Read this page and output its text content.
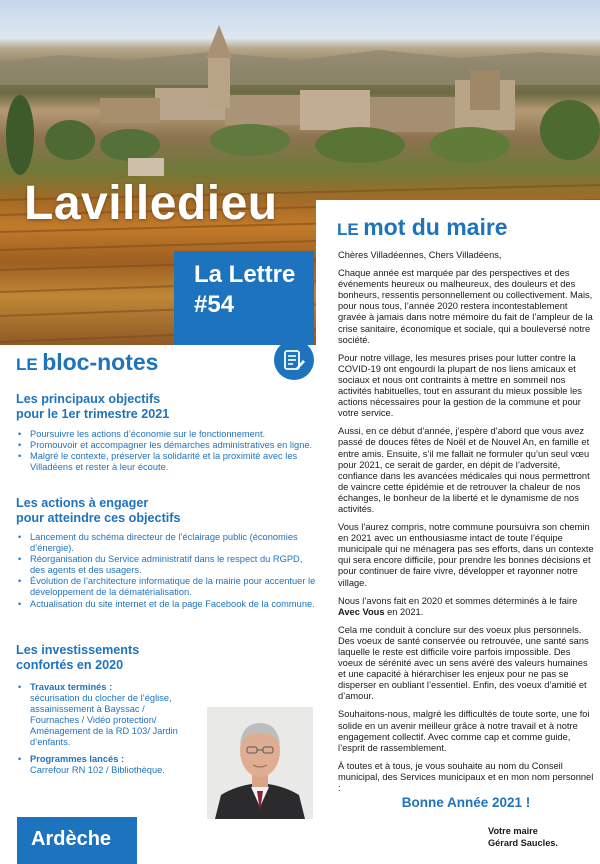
Lavilledieu
La Lettre
#54
LE mot du maire

Chères Villadéennes, Chers Villadéens,

Chaque année est marquée par des perspectives et des événements heureux ou malheureux, des douleurs et des bonheurs, ressentis personnellement ou collectivement. Mais, pour nous tous, l’année 2020 restera incontestablement gravée à jamais dans notre mémoire du fait de l’ampleur de la crise sanitaire, économique et sociale, qui a bouleversé notre société.

Pour notre village, les mesures prises pour lutter contre la COVID-19 ont engourdi la plupart de nos liens amicaux et sociaux et nous ont contraints à mettre en sommeil nos activités habituelles, tout en assurant du mieux possible les actions nécessaires pour la gestion de la commune et pour votre service.

Aussi, en ce début d’année, j’espère d’abord que vous avez passé de douces fêtes de Noël et de Nouvel An, en famille et entre amis. Ensuite, s’il me fallait ne formuler qu’un seul vœu pour 2021, ce serait de garder, en dépit de l’adversité, confiance dans les avancées médicales qui nous permettront de vaincre cette épidémie et de retrouver la chaleur de nos échanges, le bonheur de la liberté et le dynamisme de nos activités.

Vous l’aurez compris, notre commune poursuivra son chemin en 2021 avec un enthousiasme intact de toute l’équipe municipale qui ne ménagera pas ses efforts, dans un contexte qui sera encore difficile, pour prendre les bonnes décisions et pour continuer de faire vivre, développer et rayonner notre village.

Nous l’avons fait en 2020 et sommes déterminés à le faire Avec Vous en 2021.

Cela me conduit à conclure sur des voeux plus personnels. Des voeux de santé conservée ou retrouvée, une santé sans laquelle le reste est difficile voire parfois impossible. Des voeux de sérénité avec un sens avéré des valeurs humaines et une capacité à hiérarchiser les enjeux pour ne pas se disperser en oubliant l’essentiel. Enfin, des voeux d’amitié et d’amour.

Souhaitons-nous, malgré les difficultés de toute sorte, une foi solide en un avenir meilleur grâce à notre travail et à notre engagement collectif. Avec comme cap et comme guide, l’esprit de rassemblement.

À toutes et à tous, je vous souhaite au nom du Conseil municipal, des Services municipaux et en mon nom personnel :

Bonne Année 2021 !
Votre maire
Gérard Saucles.
LE bloc-notes
Les principaux objectifs
pour le 1er trimestre 2021
• Poursuivre les actions d’économie sur le fonctionnement.
• Promouvoir et accompagner les démarches administratives en ligne.
• Malgré le contexte, préserver la solidarité et la proximité avec les Villadéens et rester à leur écoute.
Les actions à engager
pour atteindre ces objectifs
• Lancement du schéma directeur de l’éclairage public (économies d’énergie).
• Réorganisation du Service administratif dans le respect du RGPD, des agents et des usagers.
• Évolution de l’architecture informatique de la mairie pour accentuer le développement de la dématérialisation.
• Actualisation du site internet et de la page Facebook de la commune.
Les investissements
confortés en 2020
• Travaux terminés :
sécurisation du clocher de l’église, assainissement à Bayssac / Fournaches / Vidéo protection/ Aménagement de la RD 103/ Jardin d’enfants.
• Programmes lancés :
Carrefour RN 102 / Bibliothèque.
Ardèche
